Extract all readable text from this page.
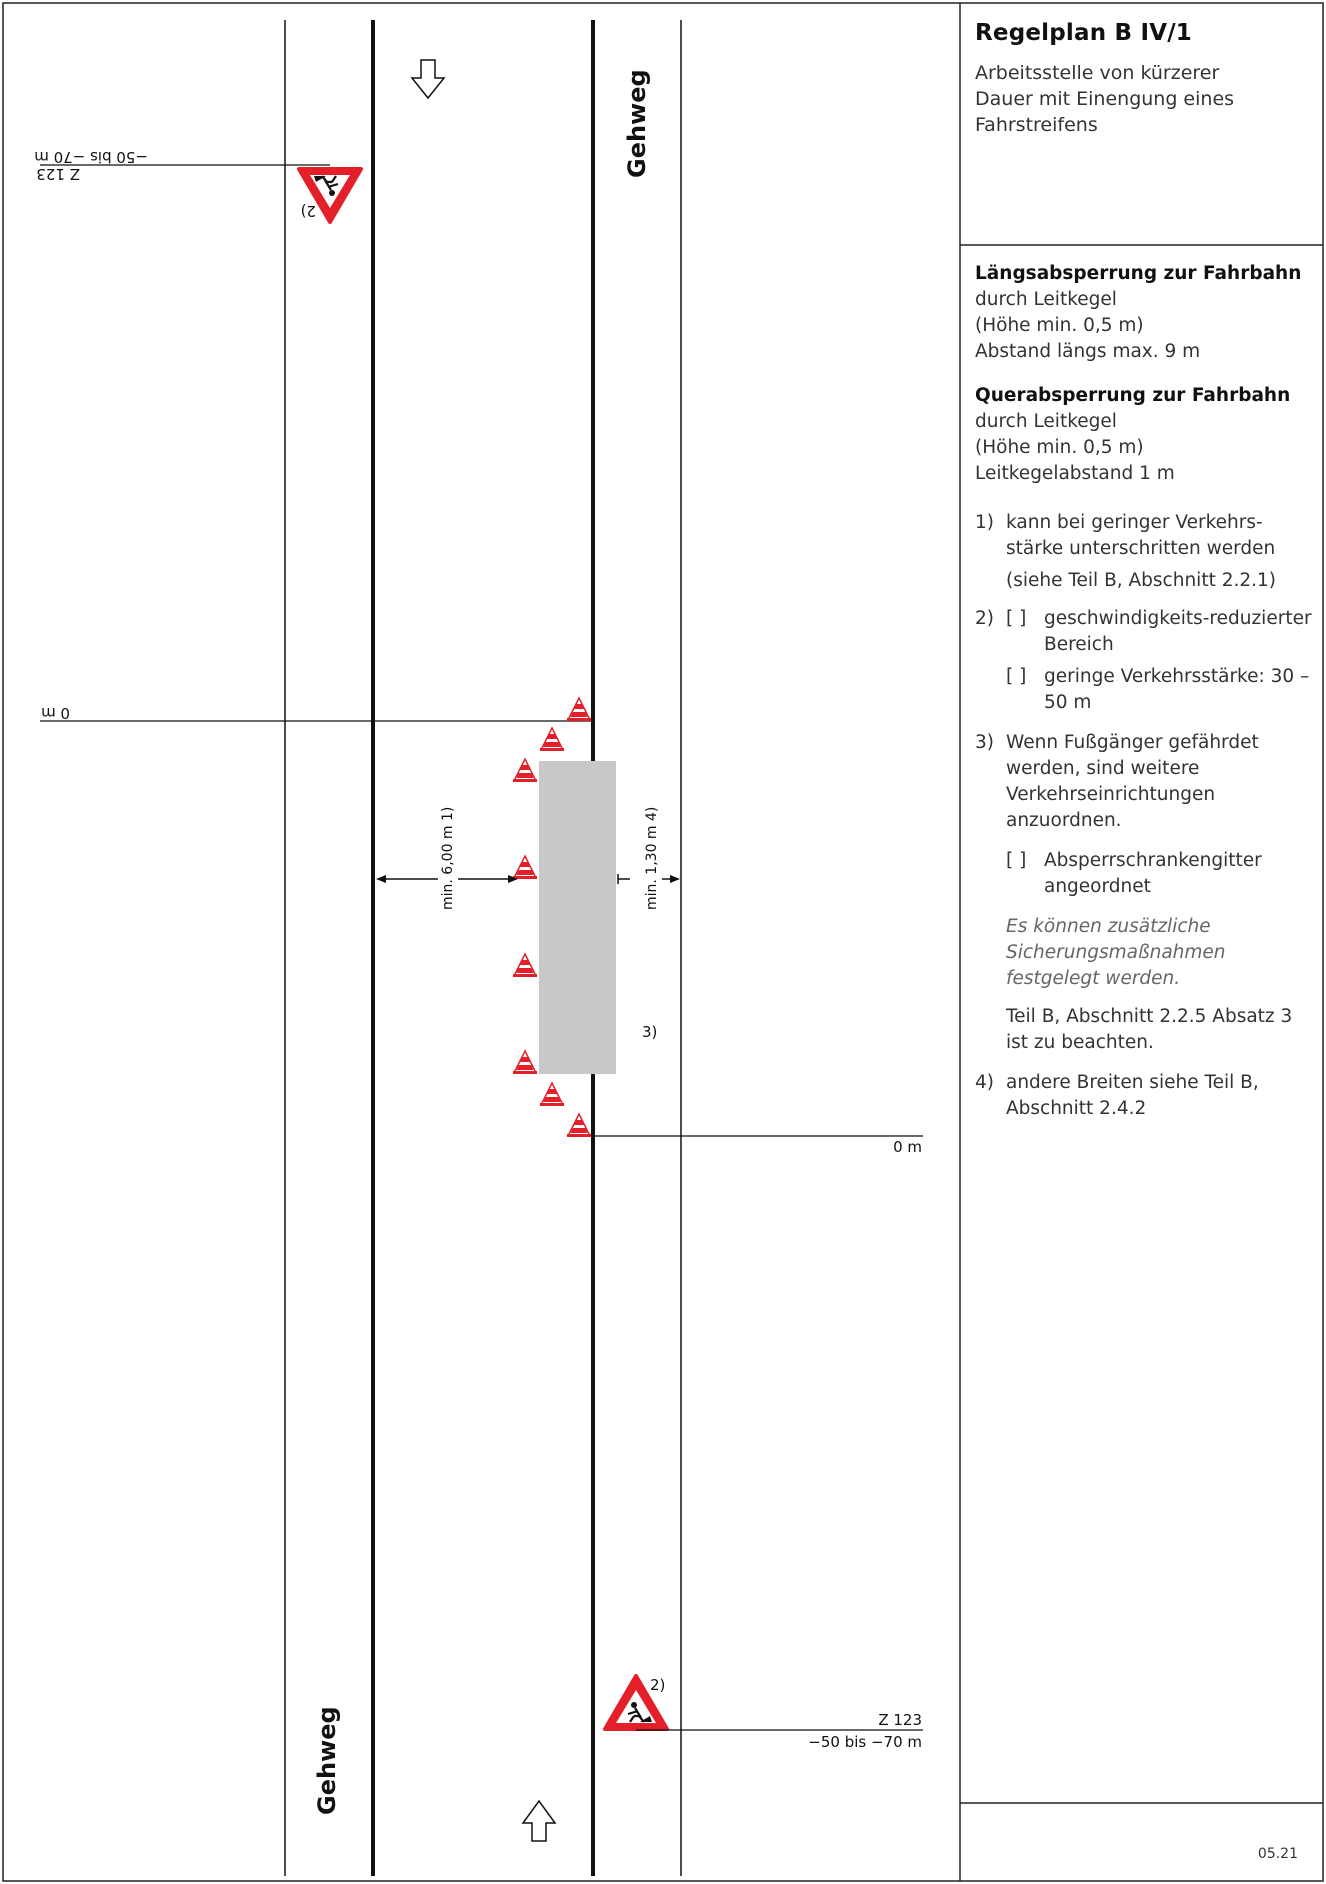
Gehweg
Gehweg
−50 bis −70 m
Z 123
2)
0 m
3)
min. 6,00 m 1)	min. 1,30 m 4)
0 m
2)
Z 123
−50 bis −70 m
Regelplan B IV/1
Arbeitsstelle von kürzerer Dauer mit Einengung eines Fahrstreifens
Längsabsperrung zur Fahrbahn
durch Leitkegel
(Höhe min. 0,5 m)
Abstand längs max. 9 m
Querabsperrung zur Fahrbahn
durch Leitkegel
(Höhe min. 0,5 m)
Leitkegelabstand 1 m
1) kann bei geringer Verkehrs-stärke unterschritten werden
(siehe Teil B, Abschnitt 2.2.1)
2) [ ] geschwindigkeits-reduzierter Bereich
[ ] geringe Verkehrsstärke: 30 – 50 m
3) Wenn Fußgänger gefährdet werden, sind weitere Verkehrseinrichtungen anzuordnen.
[ ] Absperrschrankengitter angeordnet
Es können zusätzliche Sicherungsmaßnahmen festgelegt werden.
Teil B, Abschnitt 2.2.5 Absatz 3 ist zu beachten.
4) andere Breiten siehe Teil B, Abschnitt 2.4.2
05.21
